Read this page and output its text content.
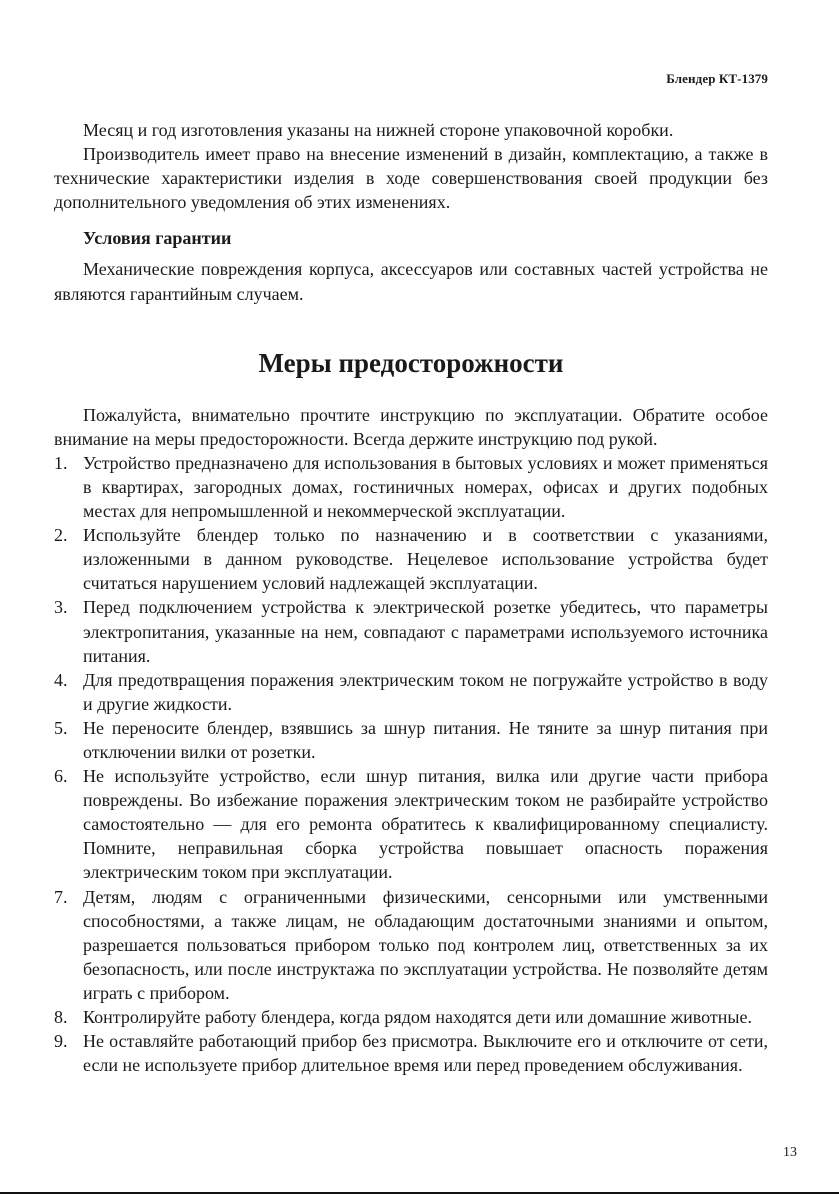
Блендер КТ-1379

Месяц и год изготовления указаны на нижней стороне упаковочной коробки.

Производитель имеет право на внесение изменений в дизайн, комплектацию, а также в технические характеристики изделия в ходе совершенствования своей продукции без дополнительного уведомления об этих изменениях.

Условия гарантии

Механические повреждения корпуса, аксессуаров или составных частей устройства не являются гарантийным случаем.

Меры предосторожности

Пожалуйста, внимательно прочтите инструкцию по эксплуатации. Обратите особое внимание на меры предосторожности. Всегда держите инструкцию под рукой.

1. Устройство предназначено для использования в бытовых условиях и может применяться в квартирах, загородных домах, гостиничных номерах, офисах и других подобных местах для непромышленной и некоммерческой эксплуатации.
2. Используйте блендер только по назначению и в соответствии с указаниями, изложенными в данном руководстве. Нецелевое использование устройства будет считаться нарушением условий надлежащей эксплуатации.
3. Перед подключением устройства к электрической розетке убедитесь, что параметры электропитания, указанные на нем, совпадают с параметрами используемого источника питания.
4. Для предотвращения поражения электрическим током не погружайте устройство в воду и другие жидкости.
5. Не переносите блендер, взявшись за шнур питания. Не тяните за шнур питания при отключении вилки от розетки.
6. Не используйте устройство, если шнур питания, вилка или другие части прибора повреждены. Во избежание поражения электрическим током не разбирайте устройство самостоятельно — для его ремонта обратитесь к квалифицированному специалисту. Помните, неправильная сборка устройства повышает опасность поражения электрическим током при эксплуатации.
7. Детям, людям с ограниченными физическими, сенсорными или умственными способностями, а также лицам, не обладающим достаточными знаниями и опытом, разрешается пользоваться прибором только под контролем лиц, ответственных за их безопасность, или после инструктажа по эксплуатации устройства. Не позволяйте детям играть с прибором.
8. Контролируйте работу блендера, когда рядом находятся дети или домашние животные.
9. Не оставляйте работающий прибор без присмотра. Выключите его и отключите от сети, если не используете прибор длительное время или перед проведением обслуживания.
13
